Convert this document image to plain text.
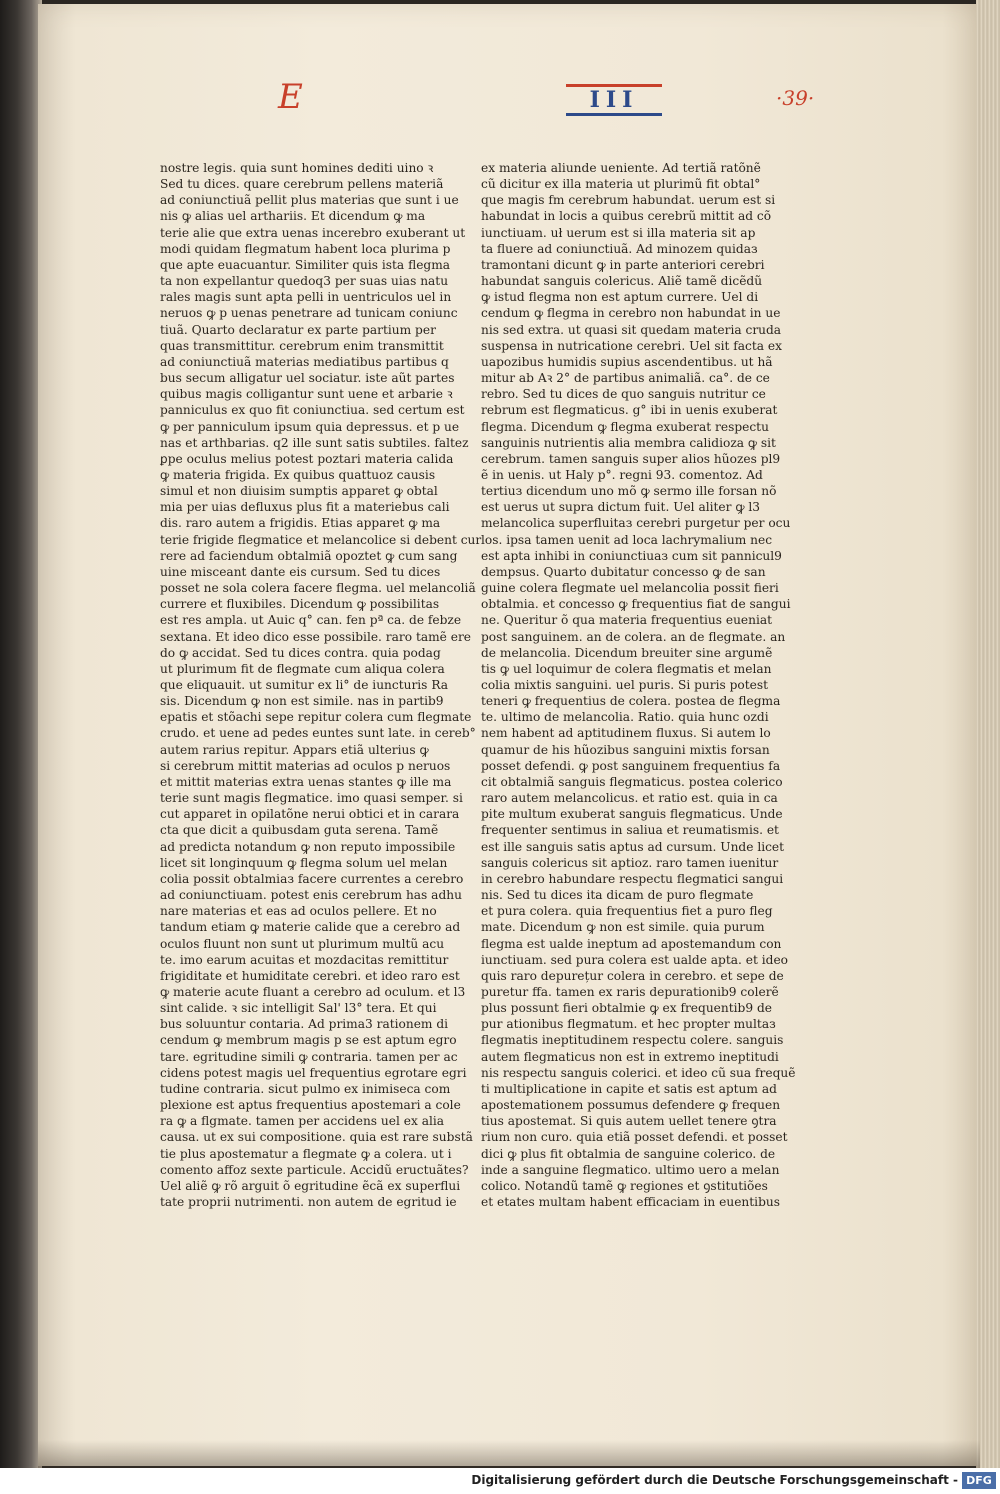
E	III	·39·
nostre legis. quia sunt homines dediti uino ꝛ
Sed tu dices. quare cerebrum pellens materiã
ad coniunctiuã pellit plus materias que sunt i ue
nis ꝙ alias uel arthariis. Et dicendum ꝙ ma
terie alie que extra uenas incerebro exuberant ut
modi quidam flegmatum habent loca plurima p
que apte euacuantur. Similiter quis ista flegma
ta non expellantur quedoq3 per suas uias natu
rales magis sunt apta pelli in uentriculos uel in
neruos ꝙ p uenas penetrare ad tunicam coniunc
tiuã. Quarto declaratur ex parte partium per
quas transmittitur. cerebrum enim transmittit
ad coniunctiuã materias mediatibus partibus q
bus secum alligatur uel sociatur. iste aũt partes
quibus magis colligantur sunt uene et arbarie ꝛ
panniculus ex quo fit coniunctiua. sed certum est
ꝙ per panniculum ipsum quia depressus. et p ue
nas et arthbarias. q2 ille sunt satis subtiles. faltez
ꝑpe oculus melius potest poztari materia calida
ꝙ materia frigida. Ex quibus quattuoz causis
simul et non diuisim sumptis apparet ꝙ obtal
mia per uias defluxus plus fit a materiebus cali
dis. raro autem a frigidis. Etias apparet ꝙ ma
terie frigide flegmatice et melancolice si debent cur
rere ad faciendum obtalmiã opoztet ꝙ cum sang
uine misceant dante eis cursum. Sed tu dices
posset ne sola colera facere flegma. uel melancoliã
currere et fluxibiles. Dicendum ꝙ possibilitas
est res ampla. ut Auic q° can. fen pª ca. de febze
sextana. Et ideo dico esse possibile. raro tamẽ ere
do ꝙ accidat. Sed tu dices contra. quia podag
ut plurimum fit de flegmate cum aliqua colera
que eliquauit. ut sumitur ex li° de iuncturis Ra
sis. Dicendum ꝙ non est simile. nas in partib9
epatis et stõachi sepe repitur colera cum flegmate
crudo. et uene ad pedes euntes sunt late. in cereb°
autem rarius repitur. Appars etiã ulterius ꝙ
si cerebrum mittit materias ad oculos p neruos
et mittit materias extra uenas stantes ꝙ ille ma
terie sunt magis flegmatice. imo quasi semper. si
cut apparet in opilatõne nerui obtici et in carara
cta que dicit a quibusdam guta serena. Tamẽ
ad predicta notandum ꝙ non reputo impossibile
licet sit longinquum ꝙ flegma solum uel melan
colia possit obtalmiaз facere currentes a cerebro
ad coniunctiuam. potest enis cerebrum has adhu
nare materias et eas ad oculos pellere. Et no
tandum etiam ꝙ materie calide que a cerebro ad
oculos fluunt non sunt ut plurimum multũ acu
te. imo earum acuitas et mozdacitas remittitur
frigiditate et humiditate cerebri. et ideo raro est
ꝙ materie acute fluant a cerebro ad oculum. et l3
sint calide. ꝛ sic intelligit Sal' l3° tera. Et qui
bus soluuntur contaria. Ad prima3 rationem di
cendum ꝙ membrum magis p se est aptum egro
tare. egritudine simili ꝙ contraria. tamen per ac
cidens potest magis uel frequentius egrotare egri
tudine contraria. sicut pulmo ex inimiseca com
plexione est aptus frequentius apostemari a cole
ra ꝙ a flgmate. tamen per accidens uel ex alia
causa. ut ex sui compositione. quia est rare substã
tie plus apostematur a flegmate ꝙ a colera. ut i
comento affoz sexte particule. Accidũ eructuãtes?
Uel aliẽ ꝙ rõ arguit õ egritudine ẽcã ex superflui
tate proprii nutrimenti. non autem de egritud ie
ex materia aliunde ueniente. Ad tertiã ratõnẽ
cũ dicitur ex illa materia ut plurimũ fit obtal°
que magis fm cerebrum habundat. uerum est si
habundat in locis a quibus cerebrũ mittit ad cõ
iunctiuam. uł uerum est si illa materia sit ap
ta fluere ad coniunctiuã. Ad minozem quidaз
tramontani dicunt ꝙ in parte anteriori cerebri
habundat sanguis colericus. Aliẽ tamẽ dicẽdũ
ꝙ istud flegma non est aptum currere. Uel di
cendum ꝙ flegma in cerebro non habundat in ue
nis sed extra. ut quasi sit quedam materia cruda
suspensa in nutricatione cerebri. Uel sit facta ex
uapozibus humidis supius ascendentibus. ut hã
mitur ab Aꝛ 2° de partibus animaliã. ca°. de ce
rebro. Sed tu dices de quo sanguis nutritur ce
rebrum est flegmaticus. g° ibi in uenis exuberat
flegma. Dicendum ꝙ flegma exuberat respectu
sanguinis nutrientis alia membra calidioza ꝙ sit
cerebrum. tamen sanguis super alios hũozes pl9
ẽ in uenis. ut Haly p°. regni 93. comentoz. Ad
tertiuз dicendum uno mõ ꝙ sermo ille forsan nõ
est uerus ut supra dictum fuit. Uel aliter ꝙ l3
melancolica superfluitaз cerebri purgetur per ocu
los. ipsa tamen uenit ad loca lachrymalium nec
est apta inhibi in coniunctiuaз cum sit pannicul9
dempsus. Quarto dubitatur concesso ꝙ de san
guine colera flegmate uel melancolia possit fieri
obtalmia. et concesso ꝙ frequentius fiat de sangui
ne. Queritur õ qua materia frequentius eueniat
post sanguinem. an de colera. an de flegmate. an
de melancolia. Dicendum breuiter sine argumẽ
tis ꝙ uel loquimur de colera flegmatis et melan
colia mixtis sanguini. uel puris. Si puris potest
teneri ꝙ frequentius de colera. postea de flegma
te. ultimo de melancolia. Ratio. quia hunc ozdi
nem habent ad aptitudinem fluxus. Si autem lo
quamur de his hũozibus sanguini mixtis forsan
posset defendi. ꝙ post sanguinem frequentius fa
cit obtalmiã sanguis flegmaticus. postea colerico
raro autem melancolicus. et ratio est. quia in ca
pite multum exuberat sanguis flegmaticus. Unde
frequenter sentimus in saliua et reumatismis. et
est ille sanguis satis aptus ad cursum. Unde licet
sanguis colericus sit aptioz. raro tamen iuenitur
in cerebro habundare respectu flegmatici sangui
nis. Sed tu dices ita dicam de puro flegmate
et pura colera. quia frequentius fiet a puro fleg
mate. Dicendum ꝙ non est simile. quia purum
flegma est ualde ineptum ad apostemandum con
iunctiuam. sed pura colera est ualde apta. et ideo
quis raro depurețur colera in cerebro. et sepe de
puretur ffa. tamen ex raris depurationib9 colerẽ
plus possunt fieri obtalmie ꝙ ex frequentib9 de
pur ationibus flegmatum. et hec propter multaз
flegmatis ineptitudinem respectu colere. sanguis
autem flegmaticus non est in extremo ineptitudi
nis respectu sanguis colerici. et ideo cũ sua frequẽ
ti multiplicatione in capite et satis est aptum ad
apostemationem possumus defendere ꝙ frequen
tius apostemat. Si quis autem uellet tenere ꝯtra
rium non curo. quia etiã posset defendi. et posset
dici ꝙ plus fit obtalmia de sanguine colerico. de
inde a sanguine flegmatico. ultimo uero a melan
colico. Notandũ tamẽ ꝙ regiones et ꝯstitutiões
et etates multam habent efficaciam in euentibus
Digitalisierung gefördert durch die Deutsche Forschungsgemeinschaft - DFG
